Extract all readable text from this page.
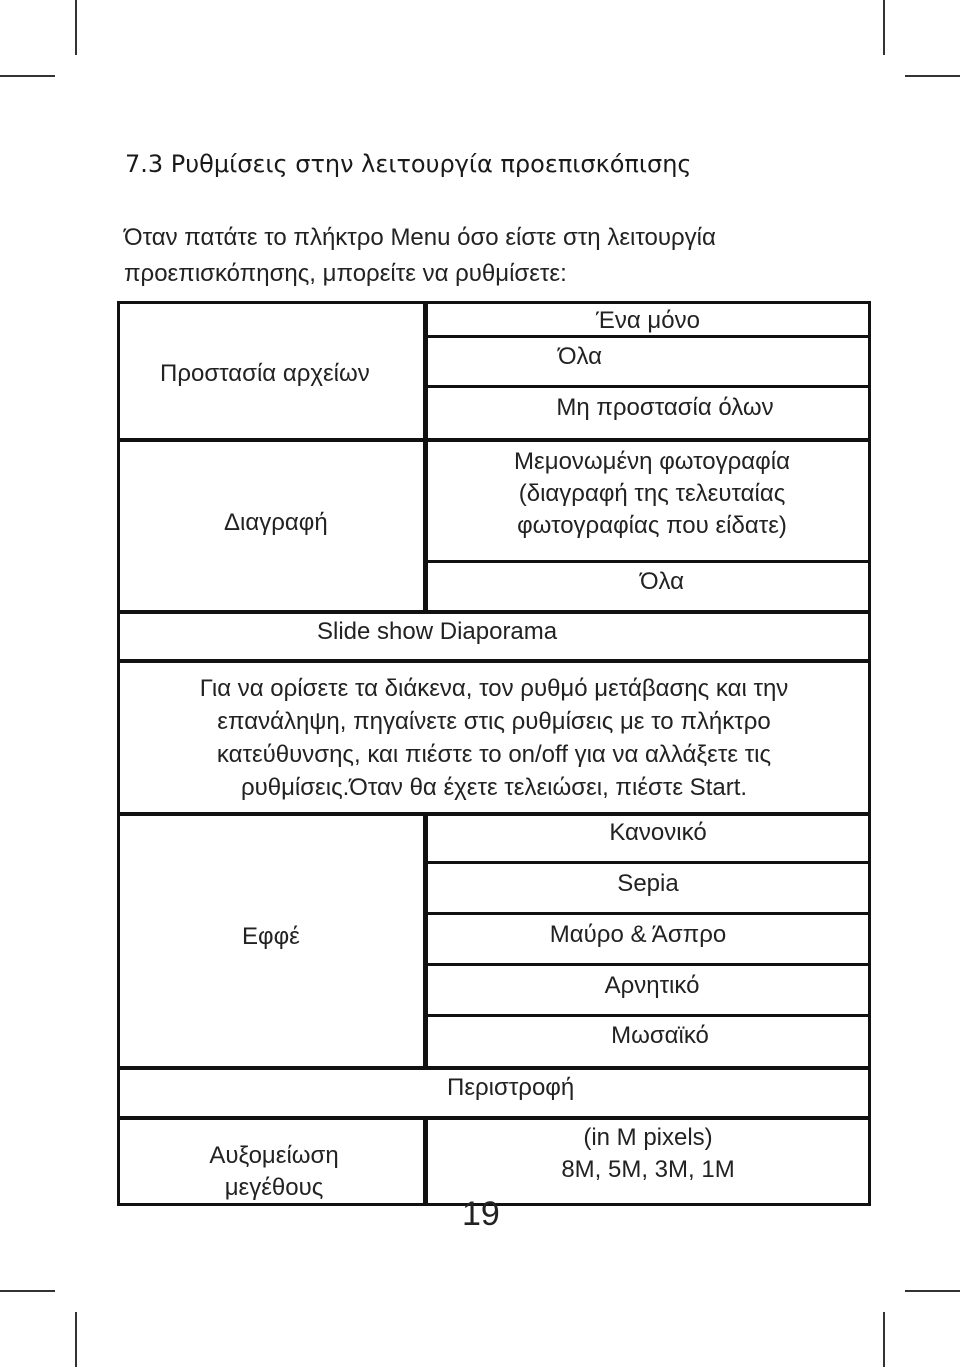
7.3 Ρυθμίσεις στην λειτουργία προεπισκόπισης
Όταν πατάτε το πλήκτρο Menu όσο είστε στη λειτουργία
προεπισκόπησης, μπορείτε να ρυθμίσετε:
Προστασία αρχείων
Ένα μόνο
Όλα
Μη προστασία όλων
Διαγραφή
Μεμονωμένη φωτογραφία
(διαγραφή της τελευταίας
φωτογραφίας που είδατε)
Όλα
Slide show Diaporama
Για να ορίσετε τα διάκενα, τον ρυθμό μετάβασης και την
επανάληψη, πηγαίνετε στις ρυθμίσεις με το πλήκτρο
κατεύθυνσης, και πιέστε το on/off για να αλλάξετε τις
ρυθμίσεις.Όταν θα έχετε τελειώσει, πιέστε Start.
Εφφέ
Κανονικό
Sepia
Μαύρο & Άσπρο
Αρνητικό
Μωσαϊκό
Περιστροφή
Αυξομείωση
μεγέθους
(in M pixels)
8M, 5M, 3M, 1M
19
